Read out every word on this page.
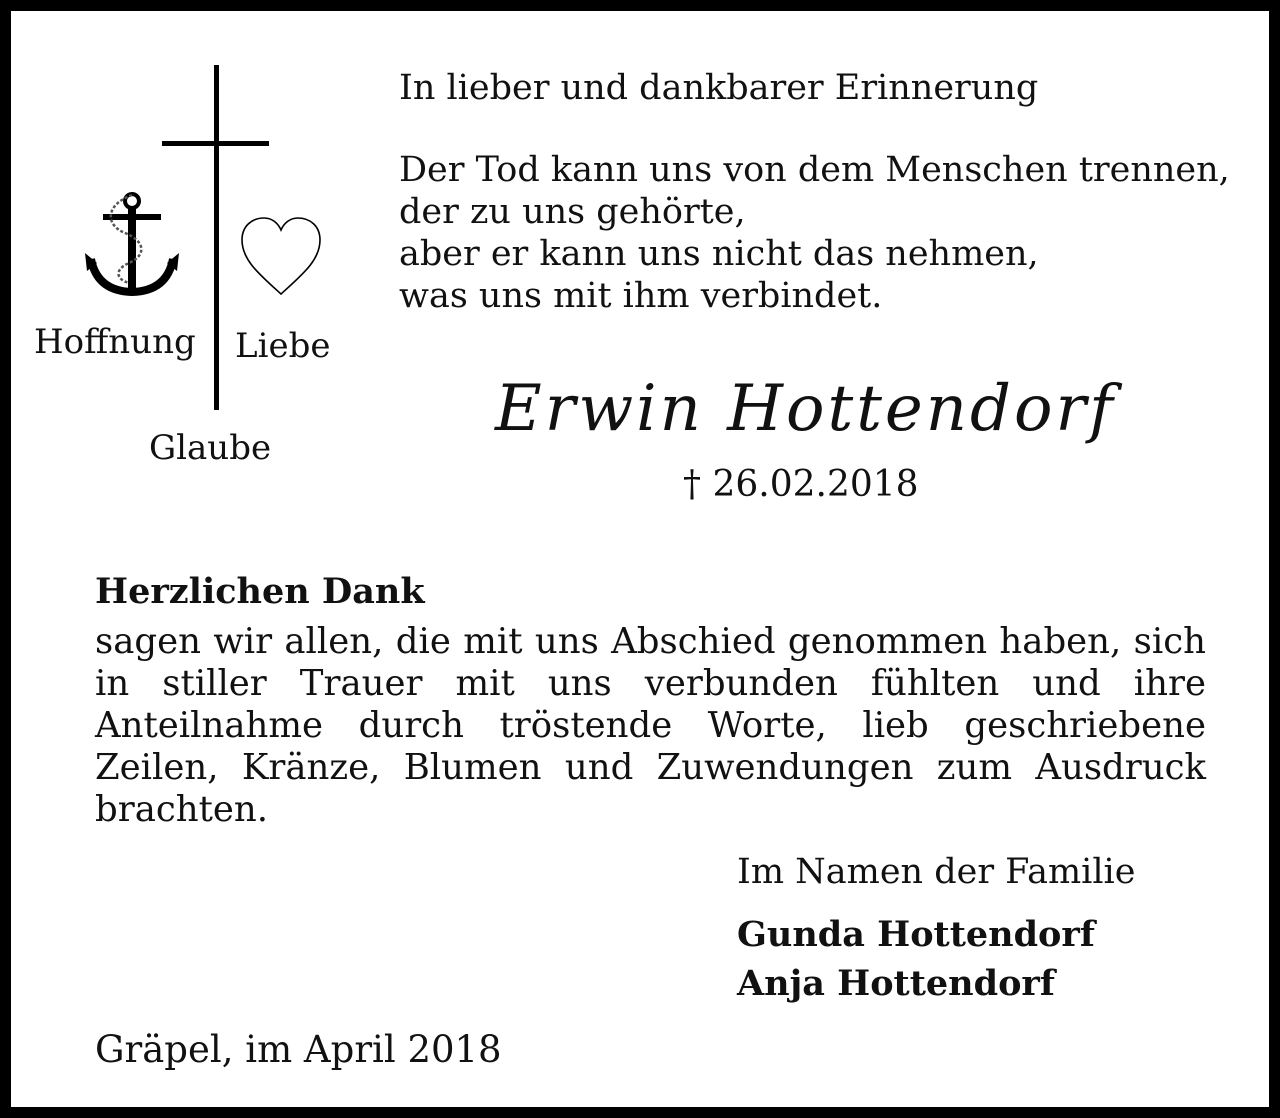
Hoffnung Liebe
Glaube
In lieber und dankbarer Erinnerung
Der Tod kann uns von dem Menschen trennen,
der zu uns gehörte,
aber er kann uns nicht das nehmen,
was uns mit ihm verbindet.
Erwin Hottendorf
† 26.02.2018
Herzlichen Dank
sagen wir allen, die mit uns Abschied genommen haben, sich in stiller Trauer mit uns verbunden fühlten und ihre Anteilnahme durch tröstende Worte, lieb geschriebene Zeilen, Kränze, Blumen und Zuwendungen zum Ausdruck brachten.
Im Namen der Familie
Gunda Hottendorf
Anja Hottendorf
Gräpel, im April 2018
